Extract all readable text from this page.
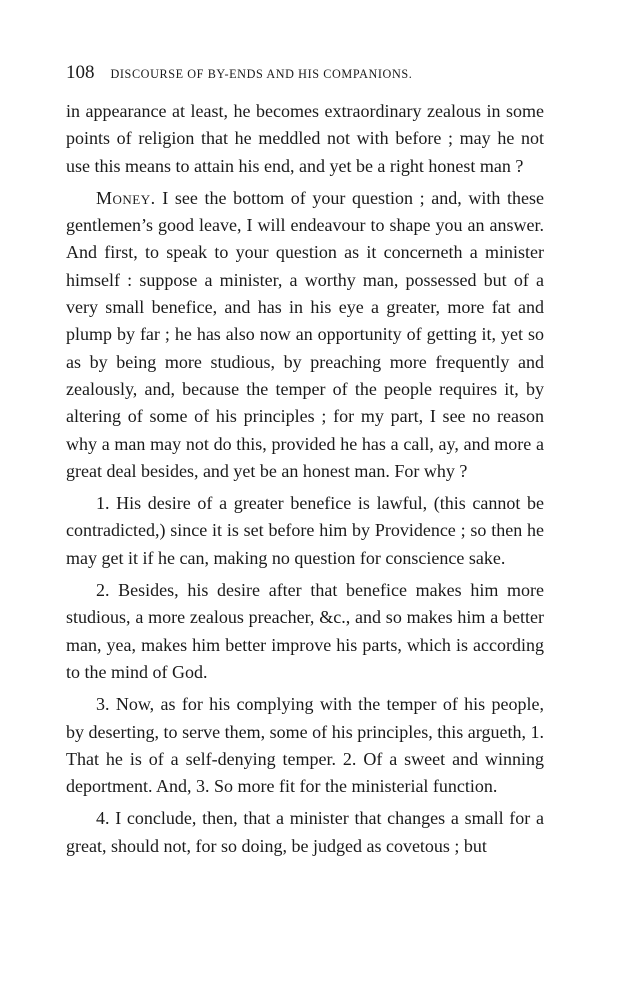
108 DISCOURSE OF BY-ENDS AND HIS COMPANIONS.

in appearance at least, he becomes extraordinary zealous in some points of religion that he meddled not with before ; may he not use this means to attain his end, and yet be a right honest man ?

Money. I see the bottom of your question ; and, with these gentlemen’s good leave, I will endeavour to shape you an answer. And first, to speak to your question as it concerneth a minister himself : suppose a minister, a worthy man, possessed but of a very small benefice, and has in his eye a greater, more fat and plump by far ; he has also now an opportunity of getting it, yet so as by being more studious, by preaching more frequently and zealously, and, because the temper of the people requires it, by altering of some of his principles ; for my part, I see no reason why a man may not do this, provided he has a call, ay, and more a great deal besides, and yet be an honest man. For why ?

1. His desire of a greater benefice is lawful, (this cannot be contradicted,) since it is set before him by Providence ; so then he may get it if he can, making no question for conscience sake.

2. Besides, his desire after that benefice makes him more studious, a more zealous preacher, &c., and so makes him a better man, yea, makes him better improve his parts, which is according to the mind of God.

3. Now, as for his complying with the temper of his people, by deserting, to serve them, some of his principles, this argueth, 1. That he is of a self-denying temper. 2. Of a sweet and winning deportment. And, 3. So more fit for the ministerial function.

4. I conclude, then, that a minister that changes a small for a great, should not, for so doing, be judged as covetous ; but
